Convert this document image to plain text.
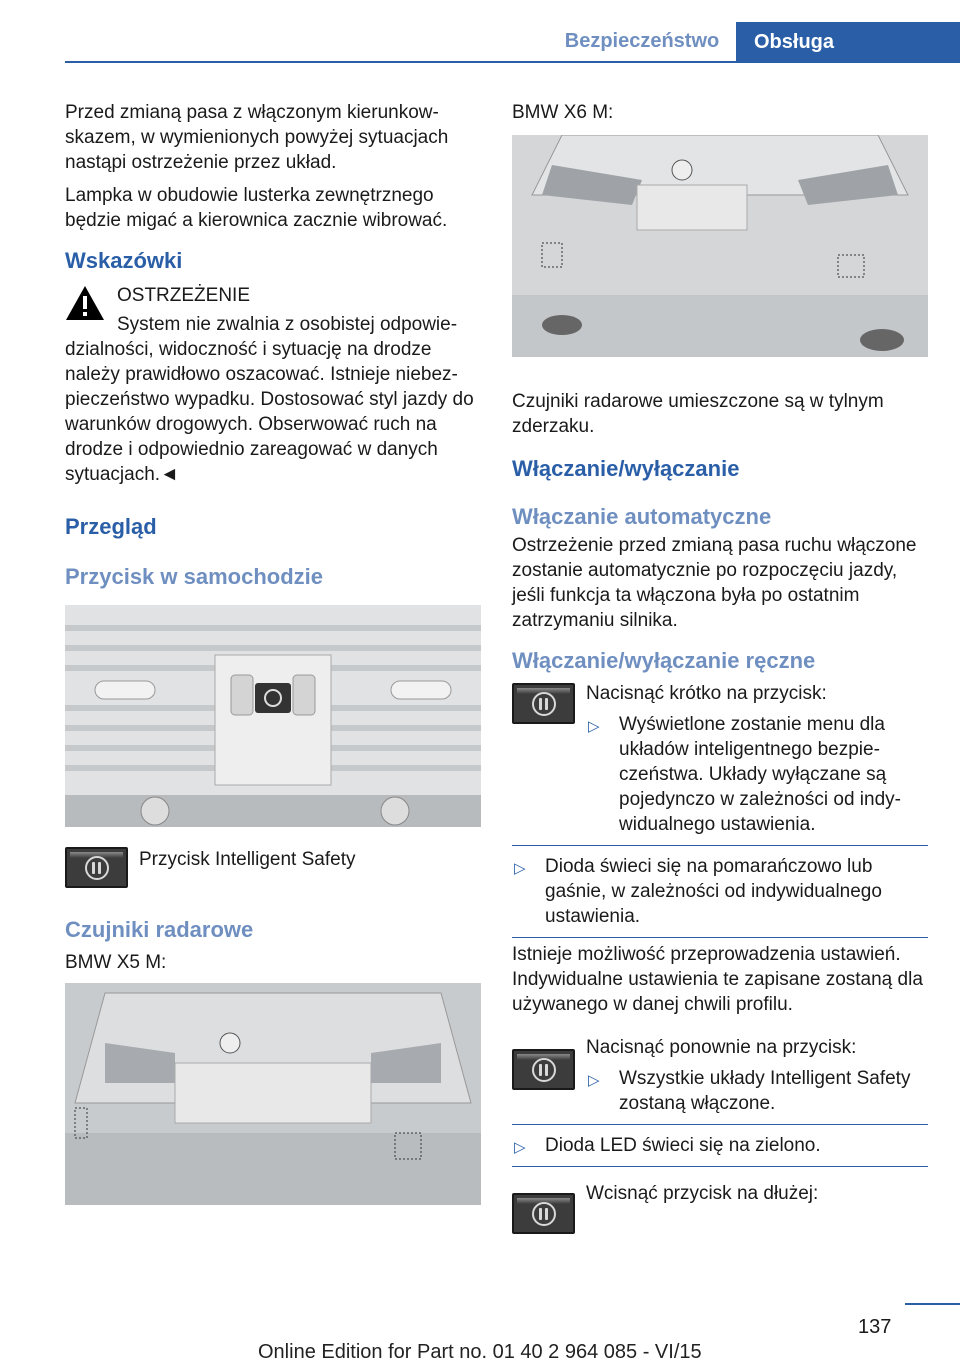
Bezpieczeństwo	Obsługa

Przed zmianą pasa z włączonym kierunkowskazem, w wymienionych powyżej sytuacjach nastąpi ostrzeżenie przez układ.

Lampka w obudowie lusterka zewnętrznego będzie migać a kierownica zacznie wibrować.

Wskazówki

OSTRZEŻENIE

System nie zwalnia z osobistej odpowiedzialności, widoczność i sytuację na drodze należy prawidłowo oszacować. Istnieje niebezpieczeństwo wypadku. Dostosować styl jazdy do warunków drogowych. Obserwować ruch na drodze i odpowiednio zareagować w danych sytuacjach.◄

Przegląd
Przycisk w samochodzie
Przycisk Intelligent Safety
Czujniki radarowe

BMW X5 M:

BMW X6 M:

Czujniki radarowe umieszczone są w tylnym zderzaku.

Włączanie/wyłączanie
Włączanie automatyczne

Ostrzeżenie przed zmianą pasa ruchu włączone zostanie automatycznie po rozpoczęciu jazdy, jeśli funkcja ta włączona była po ostatnim zatrzymaniu silnika.

Włączanie/wyłączanie ręczne

Nacisnąć krótko na przycisk:

▷ Wyświetlone zostanie menu dla układów inteligentnego bezpieczeństwa. Układy wyłączane są pojedynczo w zależności od indywidualnego ustawienia.
▷ Dioda świeci się na pomarańczowo lub gaśnie, w zależności od indywidualnego ustawienia.

Istnieje możliwość przeprowadzenia ustawień. Indywidualne ustawienia te zapisane zostaną dla używanego w danej chwili profilu.

Nacisnąć ponownie na przycisk:

▷ Wszystkie układy Intelligent Safety zostaną włączone.
▷ Dioda LED świeci się na zielono.
Wcisnąć przycisk na dłużej:
137
Online Edition for Part no. 01 40 2 964 085 - VI/15
